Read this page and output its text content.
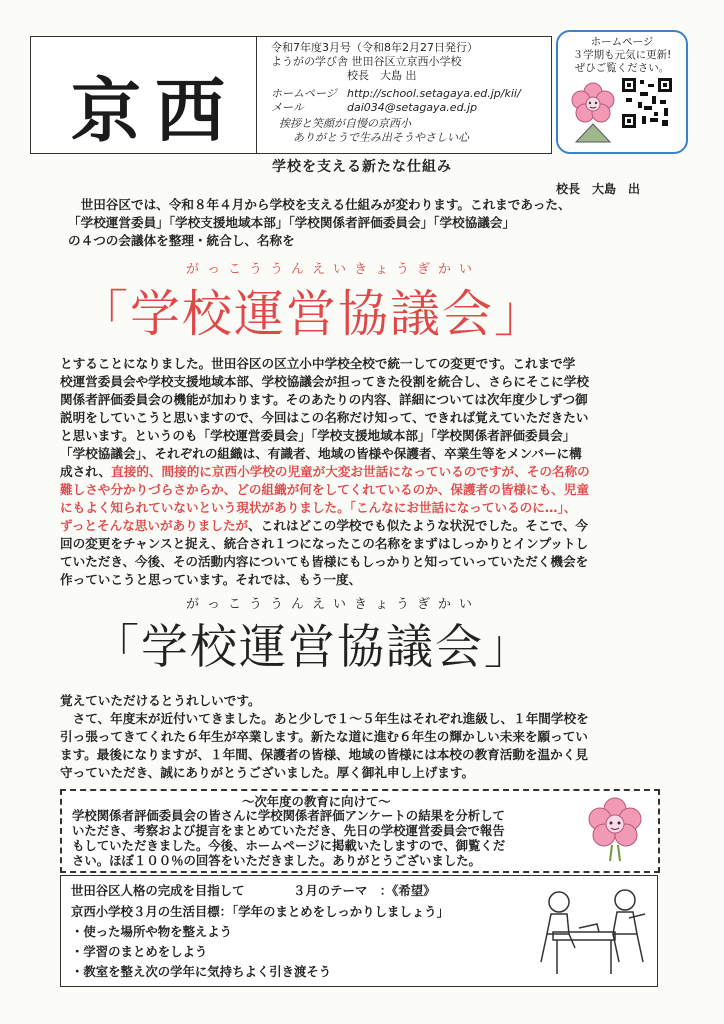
京西
令和7年度3月号（令和8年2月27日発行）
ようがの学び舎 世田谷区立京西小学校
校長　大島 出
ホームページ http://school.setagaya.ed.jp/kii/
メール	dai034@setagaya.ed.jp
挨拶と笑顔が自慢の京西小
ありがとうで生み出そうやさしい心
ホームページ
３学期も元気に更新!
ぜひご覧ください。
学校を支える新たな仕組み
校長　大島　出
　世田谷区では、令和８年４月から学校を支える仕組みが変わります。これまであった、
「学校運営委員」「学校支援地域本部」「学校関係者評価委員会」「学校協議会」
の４つの会議体を整理・統合し、名称を
がっこううんえいきょうぎかい
「学校運営協議会」
とすることになりました。世田谷区の区立小中学校全校で統一しての変更です。これまで学
校運営委員会や学校支援地域本部、学校協議会が担ってきた役割を統合し、さらにそこに学校
関係者評価委員会の機能が加わります。そのあたりの内容、詳細については次年度少しずつ御
説明をしていこうと思いますので、今回はこの名称だけ知って、できれば覚えていただきたい
と思います。というのも「学校運営委員会」「学校支援地域本部」「学校関係者評価委員会」
「学校協議会」、それぞれの組織は、有識者、地域の皆様や保護者、卒業生等をメンバーに構
成され、直接的、間接的に京西小学校の児童が大変お世話になっているのですが、その名称の
難しさや分かりづらさからか、どの組織が何をしてくれているのか、保護者の皆様にも、児童
にもよく知られていないという現状がありました。「こんなにお世話になっているのに…」、
ずっとそんな思いがありましたが、これはどこの学校でも似たような状況でした。そこで、今
回の変更をチャンスと捉え、統合され１つになったこの名称をまずはしっかりとインプットし
ていただき、今後、その活動内容についても皆様にもしっかりと知っていっていただく機会を
作っていこうと思っています。それでは、もう一度、
がっこううんえいきょうぎかい
「学校運営協議会」
覚えていただけるとうれしいです。
　さて、年度末が近付いてきました。あと少しで１～５年生はそれぞれ進級し、１年間学校を
引っ張ってきてくれた６年生が卒業します。新たな道に進む６年生の輝かしい未来を願ってい
ます。最後になりますが、１年間、保護者の皆様、地域の皆様には本校の教育活動を温かく見
守っていただき、誠にありがとうございました。厚く御礼申し上げます。
～次年度の教育に向けて～
学校関係者評価委員会の皆さんに学校関係者評価アンケートの結果を分析して
いただき、考察および提言をまとめていただき、先日の学校運営委員会で報告
もしていただきました。今後、ホームページに掲載いたしますので、御覧くだ
さい。ほぼ１００％の回答をいただきました。ありがとうございました。
世田谷区人格の完成を目指して	３月のテーマ　：《希望》
京西小学校３月の生活目標：「学年のまとめをしっかりしましょう」
・使った場所や物を整えよう
・学習のまとめをしよう
・教室を整え次の学年に気持ちよく引き渡そう
